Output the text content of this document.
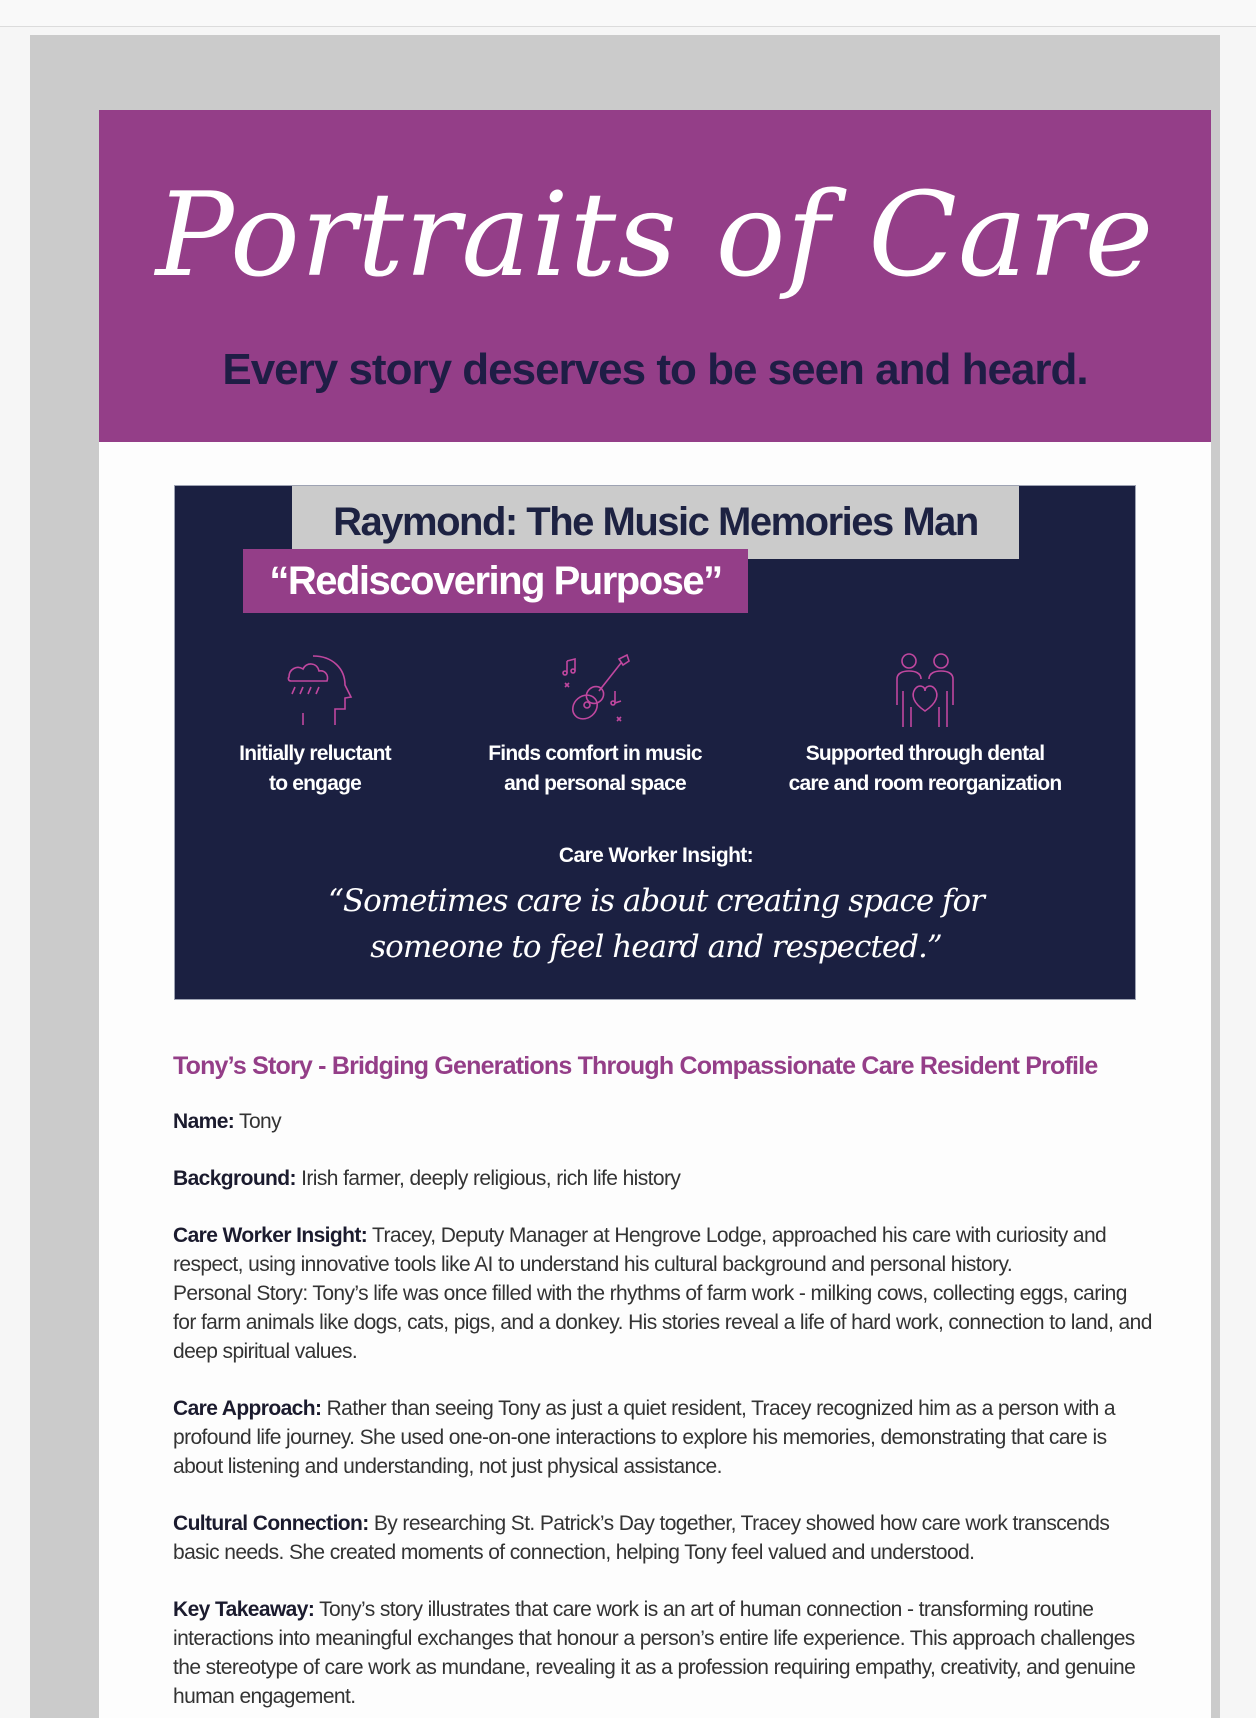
Portraits of Care
Every story deserves to be seen and heard.
Raymond: The Music Memories Man
“Rediscovering Purpose”
Initially reluctant
to engage
Finds comfort in music
and personal space
Supported through dental
care and room reorganization
Care Worker Insight:
“Sometimes care is about creating space for
someone to feel heard and respected.”
Tony’s Story - Bridging Generations Through Compassionate Care Resident Profile

Name: Tony

Background: Irish farmer, deeply religious, rich life history

Care Worker Insight: Tracey, Deputy Manager at Hengrove Lodge, approached his care with curiosity and respect, using innovative tools like AI to understand his cultural background and personal history.
Personal Story: Tony’s life was once filled with the rhythms of farm work - milking cows, collecting eggs, caring for farm animals like dogs, cats, pigs, and a donkey. His stories reveal a life of hard work, connection to land, and deep spiritual values.

Care Approach: Rather than seeing Tony as just a quiet resident, Tracey recognized him as a person with a profound life journey. She used one-on-one interactions to explore his memories, demonstrating that care is about listening and understanding, not just physical assistance.

Cultural Connection: By researching St. Patrick’s Day together, Tracey showed how care work transcends basic needs. She created moments of connection, helping Tony feel valued and understood.

Key Takeaway: Tony’s story illustrates that care work is an art of human connection - transforming routine interactions into meaningful exchanges that honour a person’s entire life experience. This approach challenges the stereotype of care work as mundane, revealing it as a profession requiring empathy, creativity, and genuine human engagement.
